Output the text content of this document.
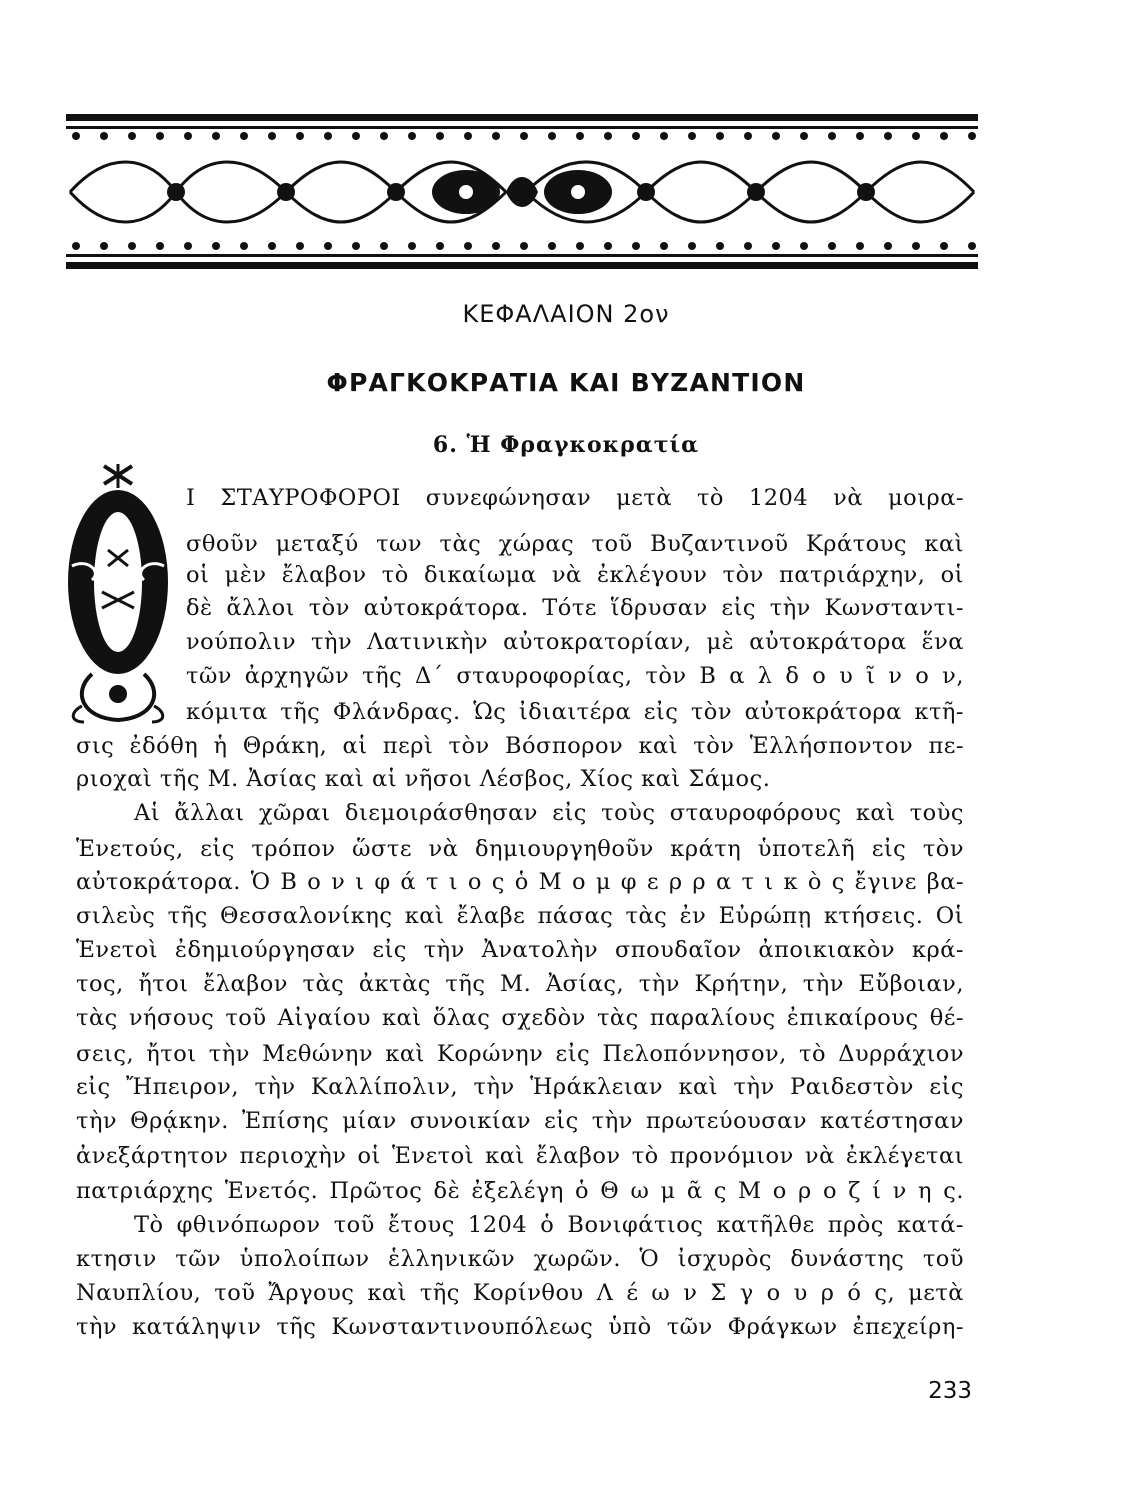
ΚΕΦΑΛΑΙΟΝ 2ον
ΦΡΑΓΚΟΚΡΑΤΙΑ ΚΑΙ ΒΥΖΑΝΤΙΟΝ
6. Ἡ Φραγκοκρατία

Ι ΣΤΑΥΡΟΦΟΡΟΙ συνεφώνησαν μετὰ τὸ 1204 νὰ μοιρα-

σθοῦν μεταξύ των τὰς χώρας τοῦ Βυζαντινοῦ Κράτους καὶ

οἱ μὲν ἔλαβον τὸ δικαίωμα νὰ ἐκλέγουν τὸν πατριάρχην, οἱ

δὲ ἄλλοι τὸν αὐτοκράτορα. Τότε ἵδρυσαν εἰς τὴν Κωνσταντι-

νούπολιν τὴν Λατινικὴν αὐτοκρατορίαν, μὲ αὐτοκράτορα ἕνα

τῶν ἀρχηγῶν τῆς Δ΄ σταυροφορίας, τὸν Β α λ δ ο υ ῖ ν ο ν,

κόμιτα τῆς Φλάνδρας. Ὡς ἰδιαιτέρα εἰς τὸν αὐτοκράτορα κτῆ-

σις ἐδόθη ἡ Θράκη, αἱ περὶ τὸν Βόσπορον καὶ τὸν Ἑλλήσποντον πε-

ριοχαὶ τῆς Μ. Ἀσίας καὶ αἱ νῆσοι Λέσβος, Χίος καὶ Σάμος.

Αἱ ἄλλαι χῶραι διεμοιράσθησαν εἰς τοὺς σταυροφόρους καὶ τοὺς

Ἑνετούς, εἰς τρόπον ὥστε νὰ δημιουργηθοῦν κράτη ὑποτελῆ εἰς τὸν

αὐτοκράτορα. Ὁ Β ο ν ι φ ά τ ι ο ς ὁ Μ ο μ φ ε ρ ρ α τ ι κ ὸ ς ἔγινε βα-

σιλεὺς τῆς Θεσσαλονίκης καὶ ἔλαβε πάσας τὰς ἐν Εὐρώπῃ κτήσεις. Οἱ

Ἑνετοὶ ἐδημιούργησαν εἰς τὴν Ἀνατολὴν σπουδαῖον ἀποικιακὸν κρά-

τος, ἤτοι ἔλαβον τὰς ἀκτὰς τῆς Μ. Ἀσίας, τὴν Κρήτην, τὴν Εὔβοιαν,

τὰς νήσους τοῦ Αἰγαίου καὶ ὅλας σχεδὸν τὰς παραλίους ἐπικαίρους θέ-

σεις, ἤτοι τὴν Μεθώνην καὶ Κορώνην εἰς Πελοπόννησον, τὸ Δυρράχιον

εἰς Ἤπειρον, τὴν Καλλίπολιν, τὴν Ἡράκλειαν καὶ τὴν Ραιδεστὸν εἰς

τὴν Θρᾴκην. Ἐπίσης μίαν συνοικίαν εἰς τὴν πρωτεύουσαν κατέστησαν

ἀνεξάρτητον περιοχὴν οἱ Ἑνετοὶ καὶ ἔλαβον τὸ προνόμιον νὰ ἐκλέγεται

πατριάρχης Ἑνετός. Πρῶτος δὲ ἐξελέγη ὁ Θ ω μ ᾶ ς Μ ο ρ ο ζ ί ν η ς.

Τὸ φθινόπωρον τοῦ ἔτους 1204 ὁ Βονιφάτιος κατῆλθε πρὸς κατά-

κτησιν τῶν ὑπολοίπων ἑλληνικῶν χωρῶν. Ὁ ἰσχυρὸς δυνάστης τοῦ

Ναυπλίου, τοῦ Ἄργους καὶ τῆς Κορίνθου Λ έ ω ν Σ γ ο υ ρ ό ς, μετὰ

τὴν κατάληψιν τῆς Κωνσταντινουπόλεως ὑπὸ τῶν Φράγκων ἐπεχείρη-

233
